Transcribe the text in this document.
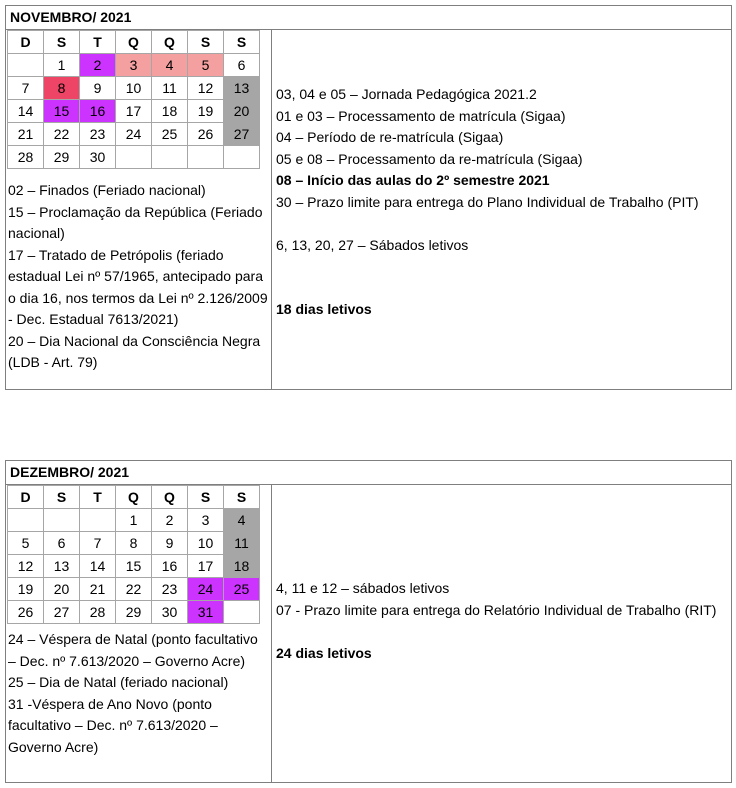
NOVEMBRO/ 2021
D	S	T	Q	Q	S	S
	1	2	3	4	5	6
7	8	9	10	11	12	13
14	15	16	17	18	19	20
21	22	23	24	25	26	27
28	29	30				
02 – Finados (Feriado nacional)
15 – Proclamação da República (Feriado nacional)
17 – Tratado de Petrópolis (feriado estadual Lei nº 57/1965, antecipado para o dia 16, nos termos da Lei nº 2.126/2009 - Dec. Estadual 7613/2021)
20 – Dia Nacional da Consciência Negra (LDB - Art. 79)
03, 04 e 05 – Jornada Pedagógica 2021.2
01 e 03 – Processamento de matrícula (Sigaa)
04 – Período de re-matrícula (Sigaa)
05 e 08 – Processamento da re-matrícula (Sigaa)
08 – Início das aulas do 2º semestre 2021
30 – Prazo limite para entrega do Plano Individual de Trabalho (PIT)
6, 13, 20, 27 – Sábados letivos
18 dias letivos
DEZEMBRO/ 2021
D	S	T	Q	Q	S	S
			1	2	3	4
5	6	7	8	9	10	11
12	13	14	15	16	17	18
19	20	21	22	23	24	25
26	27	28	29	30	31	
24 – Véspera de Natal (ponto facultativo – Dec. nº 7.613/2020 – Governo Acre)
25 – Dia de Natal (feriado nacional)
31 -Véspera de Ano Novo (ponto facultativo – Dec. nº 7.613/2020 – Governo Acre)
4, 11 e 12 – sábados letivos
07 - Prazo limite para entrega do Relatório Individual de Trabalho (RIT)
24 dias letivos
